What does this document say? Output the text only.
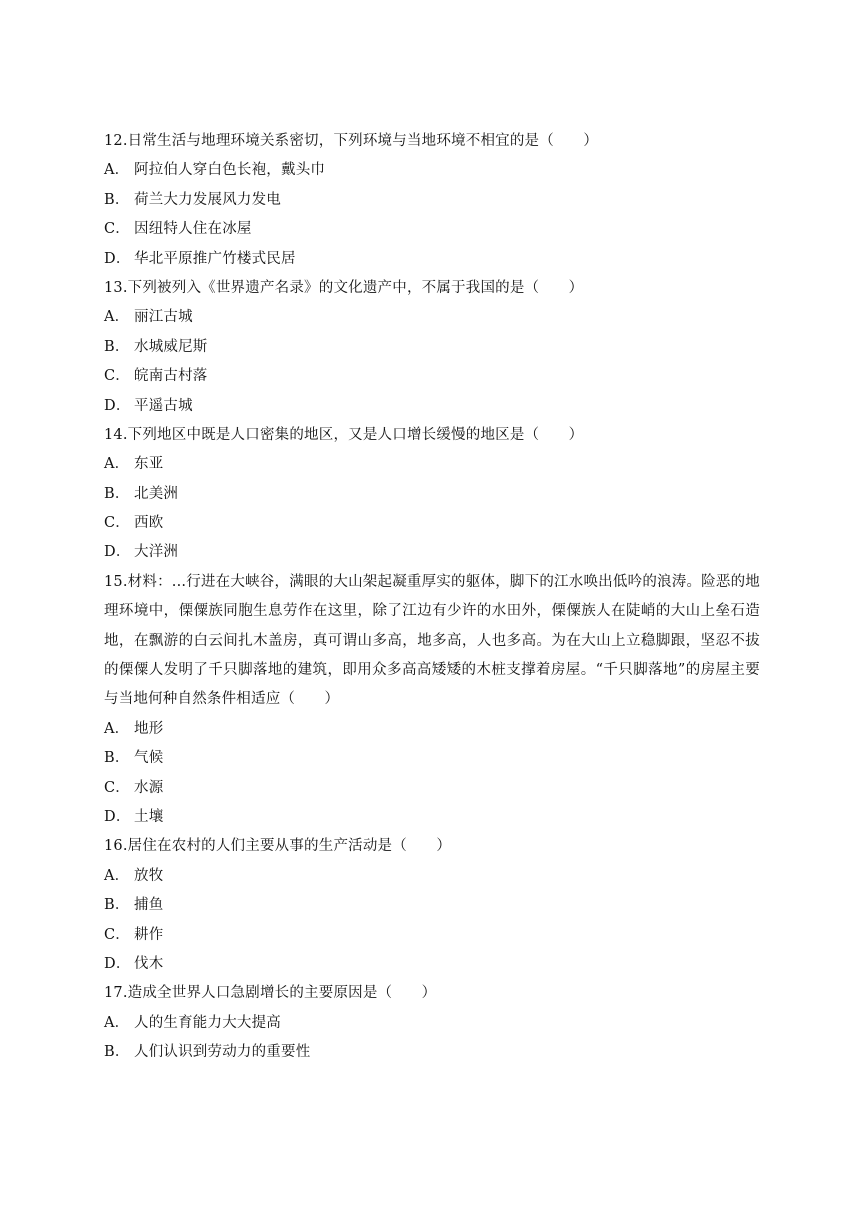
12.日常生活与地理环境关系密切，下列环境与当地环境不相宜的是（　　）
A． 阿拉伯人穿白色长袍，戴头巾
B． 荷兰大力发展风力发电
C． 因纽特人住在冰屋
D． 华北平原推广竹楼式民居
13.下列被列入《世界遗产名录》的文化遗产中，不属于我国的是（　　）
A． 丽江古城
B． 水城威尼斯
C． 皖南古村落
D． 平遥古城
14.下列地区中既是人口密集的地区，又是人口增长缓慢的地区是（　　）
A． 东亚
B． 北美洲
C． 西欧
D． 大洋洲
15.材料：...行进在大峡谷，满眼的大山架起凝重厚实的躯体，脚下的江水唤出低吟的浪涛。险恶的地理环境中，傈僳族同胞生息劳作在这里，除了江边有少许的水田外，傈僳族人在陡峭的大山上垒石造地，在飘游的白云间扎木盖房，真可谓山多高，地多高，人也多高。为在大山上立稳脚跟，坚忍不拔的傈僳人发明了千只脚落地的建筑，即用众多高高矮矮的木桩支撑着房屋。“千只脚落地”的房屋主要与当地何种自然条件相适应（　　）
A． 地形
B． 气候
C． 水源
D． 土壤
16.居住在农村的人们主要从事的生产活动是（　　）
A． 放牧
B． 捕鱼
C． 耕作
D． 伐木
17.造成全世界人口急剧增长的主要原因是（　　）
A． 人的生育能力大大提高
B． 人们认识到劳动力的重要性
